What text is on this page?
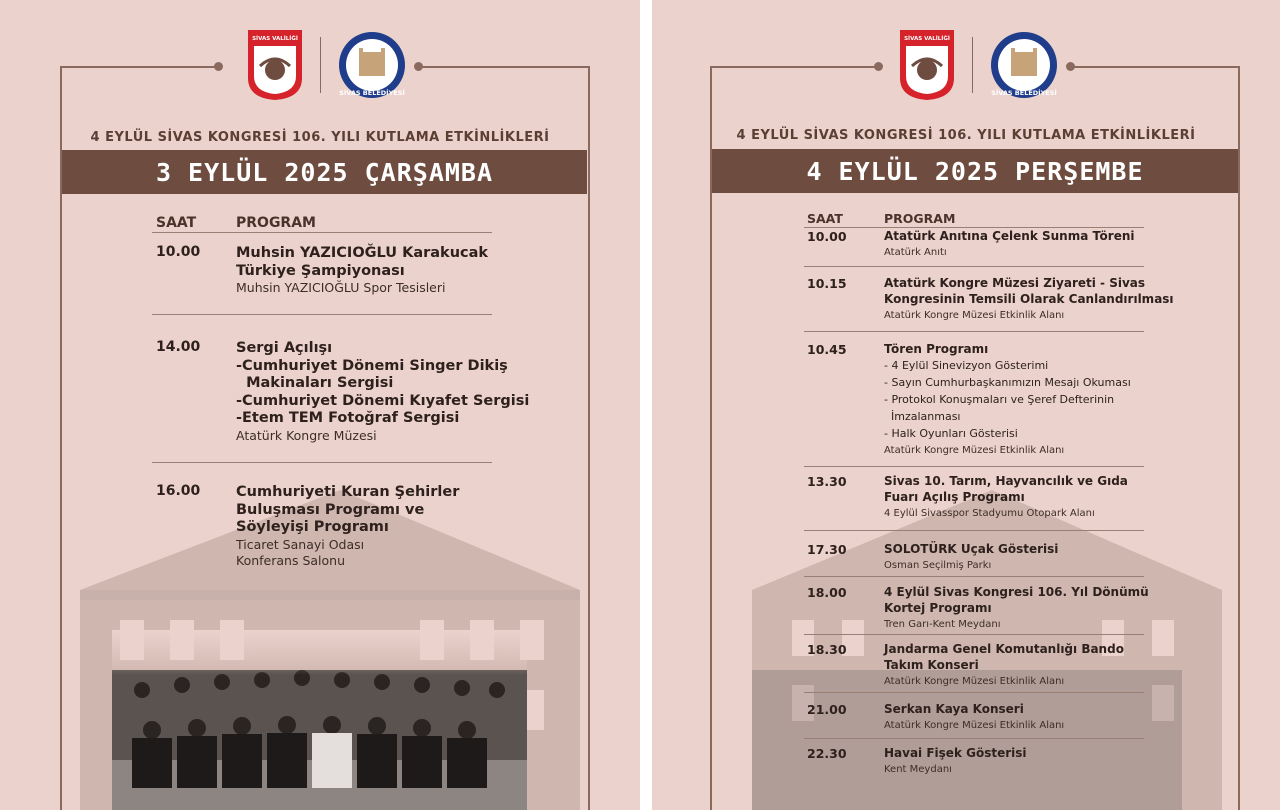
SİVAS VALİLİĞİ
SİVAS BELEDİYESİ
4 EYLÜL SİVAS KONGRESİ 106. YILI KUTLAMA ETKİNLİKLERİ
3 EYLÜL 2025 ÇARŞAMBA
SAAT	PROGRAM
10.00 Muhsin YAZICIOĞLU Karakucak
Türkiye Şampiyonası
Muhsin YAZICIOĞLU Spor Tesisleri
14.00 Sergi Açılışı
-Cumhuriyet Dönemi Singer Dikiş
Makinaları Sergisi
-Cumhuriyet Dönemi Kıyafet Sergisi
-Etem TEM Fotoğraf Sergisi
Atatürk Kongre Müzesi
16.00 Cumhuriyeti Kuran Şehirler
Buluşması Programı ve
Söyleyişi Programı
Ticaret Sanayi Odası
Konferans Salonu
SİVAS VALİLİĞİ
SİVAS BELEDİYESİ
4 EYLÜL SİVAS KONGRESİ 106. YILI KUTLAMA ETKİNLİKLERİ
4 EYLÜL 2025 PERŞEMBE
SAAT	PROGRAM
10.00	Atatürk Anıtına Çelenk Sunma Töreni
Atatürk Anıtı
10.15	Atatürk Kongre Müzesi Ziyareti - Sivas
Kongresinin Temsili Olarak Canlandırılması
Atatürk Kongre Müzesi Etkinlik Alanı
10.45	Tören Programı
- 4 Eylül Sinevizyon Gösterimi
- Sayın Cumhurbaşkanımızın Mesajı Okuması
- Protokol Konuşmaları ve Şeref Defterinin
İmzalanması
- Halk Oyunları Gösterisi
Atatürk Kongre Müzesi Etkinlik Alanı
13.30	Sivas 10. Tarım, Hayvancılık ve Gıda
Fuarı Açılış Programı
4 Eylül Sivasspor Stadyumu Otopark Alanı
17.30	SOLOTÜRK Uçak Gösterisi
Osman Seçilmiş Parkı
18.00	4 Eylül Sivas Kongresi 106. Yıl Dönümü
Kortej Programı
Tren Garı-Kent Meydanı
18.30	Jandarma Genel Komutanlığı Bando
Takım Konseri
Atatürk Kongre Müzesi Etkinlik Alanı
21.00	Serkan Kaya Konseri
Atatürk Kongre Müzesi Etkinlik Alanı
22.30	Havai Fişek Gösterisi
Kent Meydanı
